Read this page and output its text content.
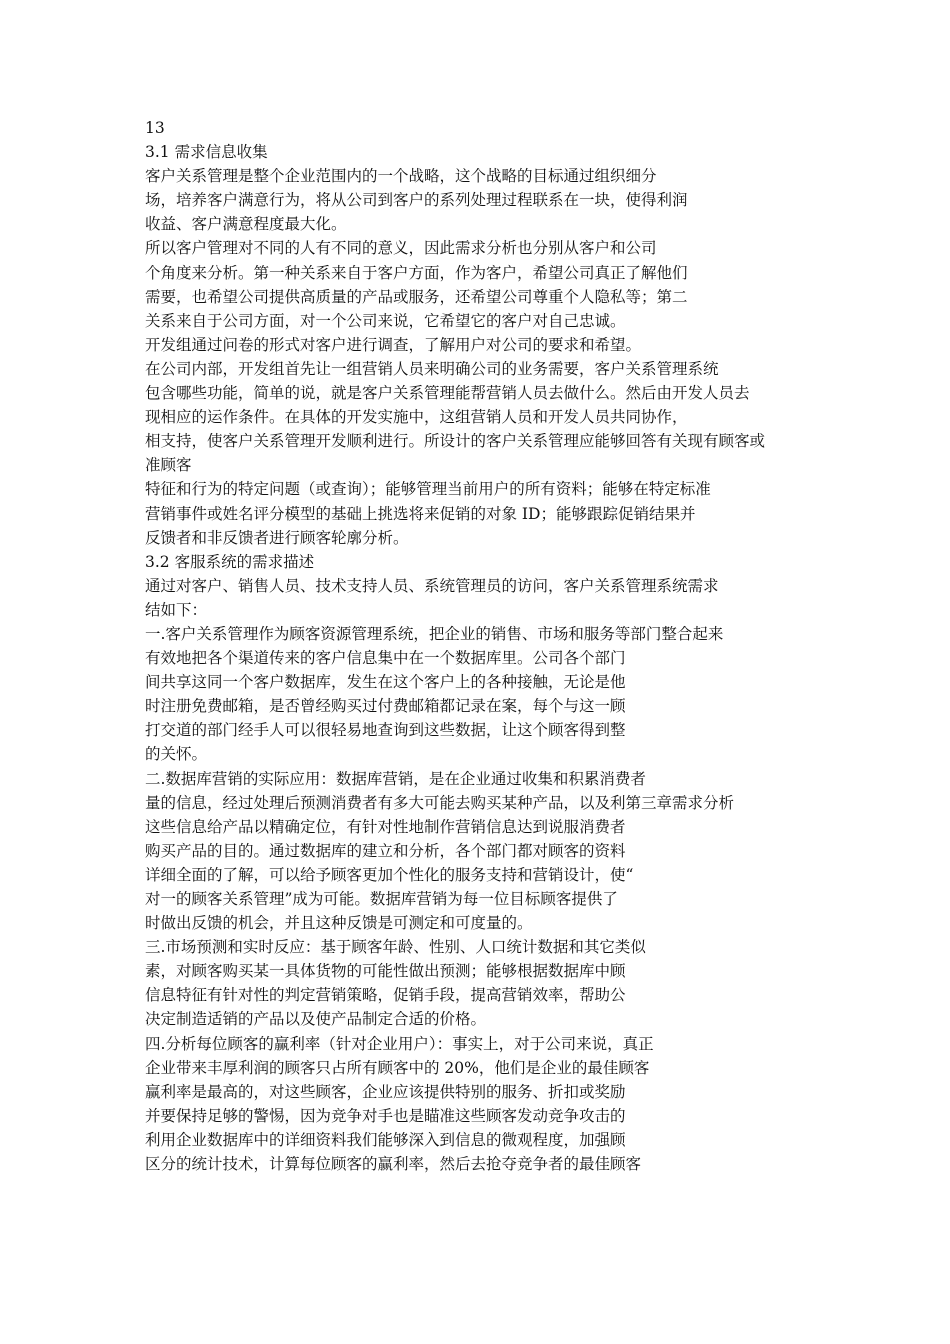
13
3.1 需求信息收集
客户关系管理是整个企业范围内的一个战略，这个战略的目标通过组织细分
场，培养客户满意行为，将从公司到客户的系列处理过程联系在一块，使得利润
收益、客户满意程度最大化。
所以客户管理对不同的人有不同的意义，因此需求分析也分别从客户和公司
个角度来分析。第一种关系来自于客户方面，作为客户，希望公司真正了解他们
需要，也希望公司提供高质量的产品或服务，还希望公司尊重个人隐私等；第二
关系来自于公司方面，对一个公司来说，它希望它的客户对自己忠诚。
开发组通过问卷的形式对客户进行调查，了解用户对公司的要求和希望。
在公司内部，开发组首先让一组营销人员来明确公司的业务需要，客户关系管理系统
包含哪些功能，简单的说，就是客户关系管理能帮营销人员去做什么。然后由开发人员去
现相应的运作条件。在具体的开发实施中，这组营销人员和开发人员共同协作，
相支持，使客户关系管理开发顺利进行。所设计的客户关系管理应能够回答有关现有顾客或
准顾客
特征和行为的特定问题（或查询）；能够管理当前用户的所有资料；能够在特定标准
营销事件或姓名评分模型的基础上挑选将来促销的对象 ID；能够跟踪促销结果并
反馈者和非反馈者进行顾客轮廓分析。
3.2 客服系统的需求描述
通过对客户、销售人员、技术支持人员、系统管理员的访问，客户关系管理系统需求
结如下：
一.客户关系管理作为顾客资源管理系统，把企业的销售、市场和服务等部门整合起来
有效地把各个渠道传来的客户信息集中在一个数据库里。公司各个部门
间共享这同一个客户数据库，发生在这个客户上的各种接触，无论是他
时注册免费邮箱，是否曾经购买过付费邮箱都记录在案，每个与这一顾
打交道的部门经手人可以很轻易地查询到这些数据，让这个顾客得到整
的关怀。
二.数据库营销的实际应用：数据库营销，是在企业通过收集和积累消费者
量的信息，经过处理后预测消费者有多大可能去购买某种产品，以及利第三章需求分析
这些信息给产品以精确定位，有针对性地制作营销信息达到说服消费者
购买产品的目的。通过数据库的建立和分析，各个部门都对顾客的资料
详细全面的了解，可以给予顾客更加个性化的服务支持和营销设计，使“
对一的顾客关系管理”成为可能。数据库营销为每一位目标顾客提供了
时做出反馈的机会，并且这种反馈是可测定和可度量的。
三.市场预测和实时反应：基于顾客年龄、性别、人口统计数据和其它类似
素，对顾客购买某一具体货物的可能性做出预测；能够根据数据库中顾
信息特征有针对性的判定营销策略，促销手段，提高营销效率，帮助公
决定制造适销的产品以及使产品制定合适的价格。
四.分析每位顾客的赢利率（针对企业用户）：事实上，对于公司来说，真正
企业带来丰厚利润的顾客只占所有顾客中的 20%，他们是企业的最佳顾客
赢利率是最高的，对这些顾客，企业应该提供特别的服务、折扣或奖励
并要保持足够的警惕，因为竞争对手也是瞄准这些顾客发动竞争攻击的
利用企业数据库中的详细资料我们能够深入到信息的微观程度，加强顾
区分的统计技术，计算每位顾客的赢利率，然后去抢夺竞争者的最佳顾客
